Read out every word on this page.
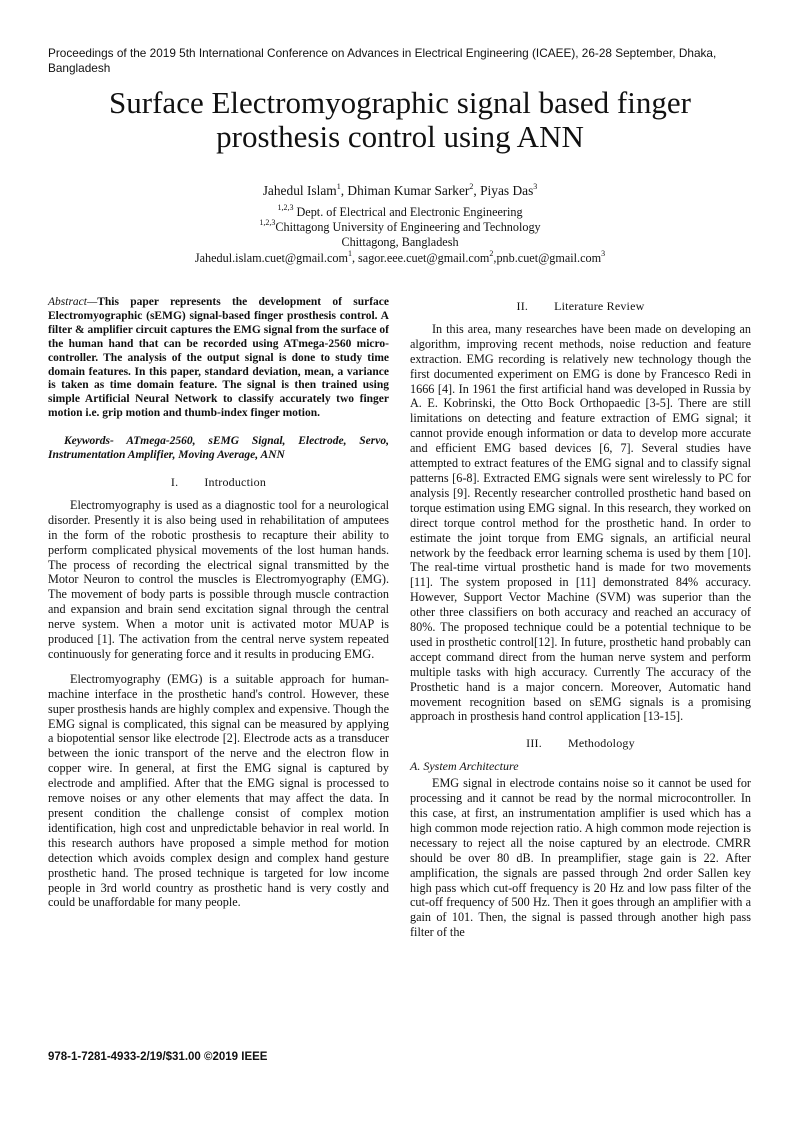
Proceedings of the 2019 5th International Conference on Advances in Electrical Engineering (ICAEE), 26-28 September, Dhaka, Bangladesh
Surface Electromyographic signal based finger
prosthesis control using ANN
Jahedul Islam$^1$, Dhiman Kumar Sarker$^2$, Piyas Das$^3$
$^{1,2,3}$ Dept. of Electrical and Electronic Engineering
$^{1,2,3}$Chittagong University of Engineering and Technology
Chittagong, Bangladesh
Jahedul.islam.cuet@gmail.com$^1$, sagor.eee.cuet@gmail.com$^2$,pnb.cuet@gmail.com$^3$

Abstract—This paper represents the development of surface Electromyographic (sEMG) signal-based finger prosthesis control. A filter & amplifier circuit captures the EMG signal from the surface of the human hand that can be recorded using ATmega-2560 micro-controller. The analysis of the output signal is done to study time domain features. In this paper, standard deviation, mean, a variance is taken as time domain feature. The signal is then trained using simple Artificial Neural Network to classify accurately two finger motion i.e. grip motion and thumb-index finger motion.

Keywords- ATmega-2560, sEMG Signal, Electrode, Servo, Instrumentation Amplifier, Moving Average, ANN

I. Introduction

Electromyography is used as a diagnostic tool for a neurological disorder. Presently it is also being used in rehabilitation of amputees in the form of the robotic prosthesis to recapture their ability to perform complicated physical movements of the lost human hands. The process of recording the electrical signal transmitted by the Motor Neuron to control the muscles is Electromyography (EMG). The movement of body parts is possible through muscle contraction and expansion and brain send excitation signal through the central nerve system. When a motor unit is activated motor MUAP is produced [1]. The activation from the central nerve system repeated continuously for generating force and it results in producing EMG.

Electromyography (EMG) is a suitable approach for human-machine interface in the prosthetic hand's control. However, these super prosthesis hands are highly complex and expensive. Though the EMG signal is complicated, this signal can be measured by applying a biopotential sensor like electrode [2]. Electrode acts as a transducer between the ionic transport of the nerve and the electron flow in copper wire. In general, at first the EMG signal is captured by electrode and amplified. After that the EMG signal is processed to remove noises or any other elements that may affect the data. In present condition the challenge consist of complex motion identification, high cost and unpredictable behavior in real world. In this research authors have proposed a simple method for motion detection which avoids complex design and complex hand gesture prosthetic hand. The prosed technique is targeted for low income people in 3rd world country as prosthetic hand is very costly and could be unaffordable for many people.

II. Literature Review

In this area, many researches have been made on developing an algorithm, improving recent methods, noise reduction and feature extraction. EMG recording is relatively new technology though the first documented experiment on EMG is done by Francesco Redi in 1666 [4]. In 1961 the first artificial hand was developed in Russia by A. E. Kobrinski, the Otto Bock Orthopaedic [3-5]. There are still limitations on detecting and feature extraction of EMG signal; it cannot provide enough information or data to develop more accurate and efficient EMG based devices [6, 7]. Several studies have attempted to extract features of the EMG signal and to classify signal patterns [6-8]. Extracted EMG signals were sent wirelessly to PC for analysis [9]. Recently researcher controlled prosthetic hand based on torque estimation using EMG signal. In this research, they worked on direct torque control method for the prosthetic hand. In order to estimate the joint torque from EMG signals, an artificial neural network by the feedback error learning schema is used by them [10]. The real-time virtual prosthetic hand is made for two movements [11]. The system proposed in [11] demonstrated 84% accuracy. However, Support Vector Machine (SVM) was superior than the other three classifiers on both accuracy and reached an accuracy of 80%. The proposed technique could be a potential technique to be used in prosthetic control[12]. In future, prosthetic hand probably can accept command direct from the human nerve system and perform multiple tasks with high accuracy. Currently The accuracy of the Prosthetic hand is a major concern. Moreover, Automatic hand movement recognition based on sEMG signals is a promising approach in prosthesis hand control application [13-15].

III. Methodology
A. System Architecture

EMG signal in electrode contains noise so it cannot be used for processing and it cannot be read by the normal microcontroller. In this case, at first, an instrumentation amplifier is used which has a high common mode rejection ratio. A high common mode rejection is necessary to reject all the noise captured by an electrode. CMRR should be over 80 dB. In preamplifier, stage gain is 22. After amplification, the signals are passed through 2nd order Sallen key high pass which cut-off frequency is 20 Hz and low pass filter of the cut-off frequency of 500 Hz. Then it goes through an amplifier with a gain of 101. Then, the signal is passed through another high pass filter of the

978-1-7281-4933-2/19/$31.00 ©2019 IEEE
